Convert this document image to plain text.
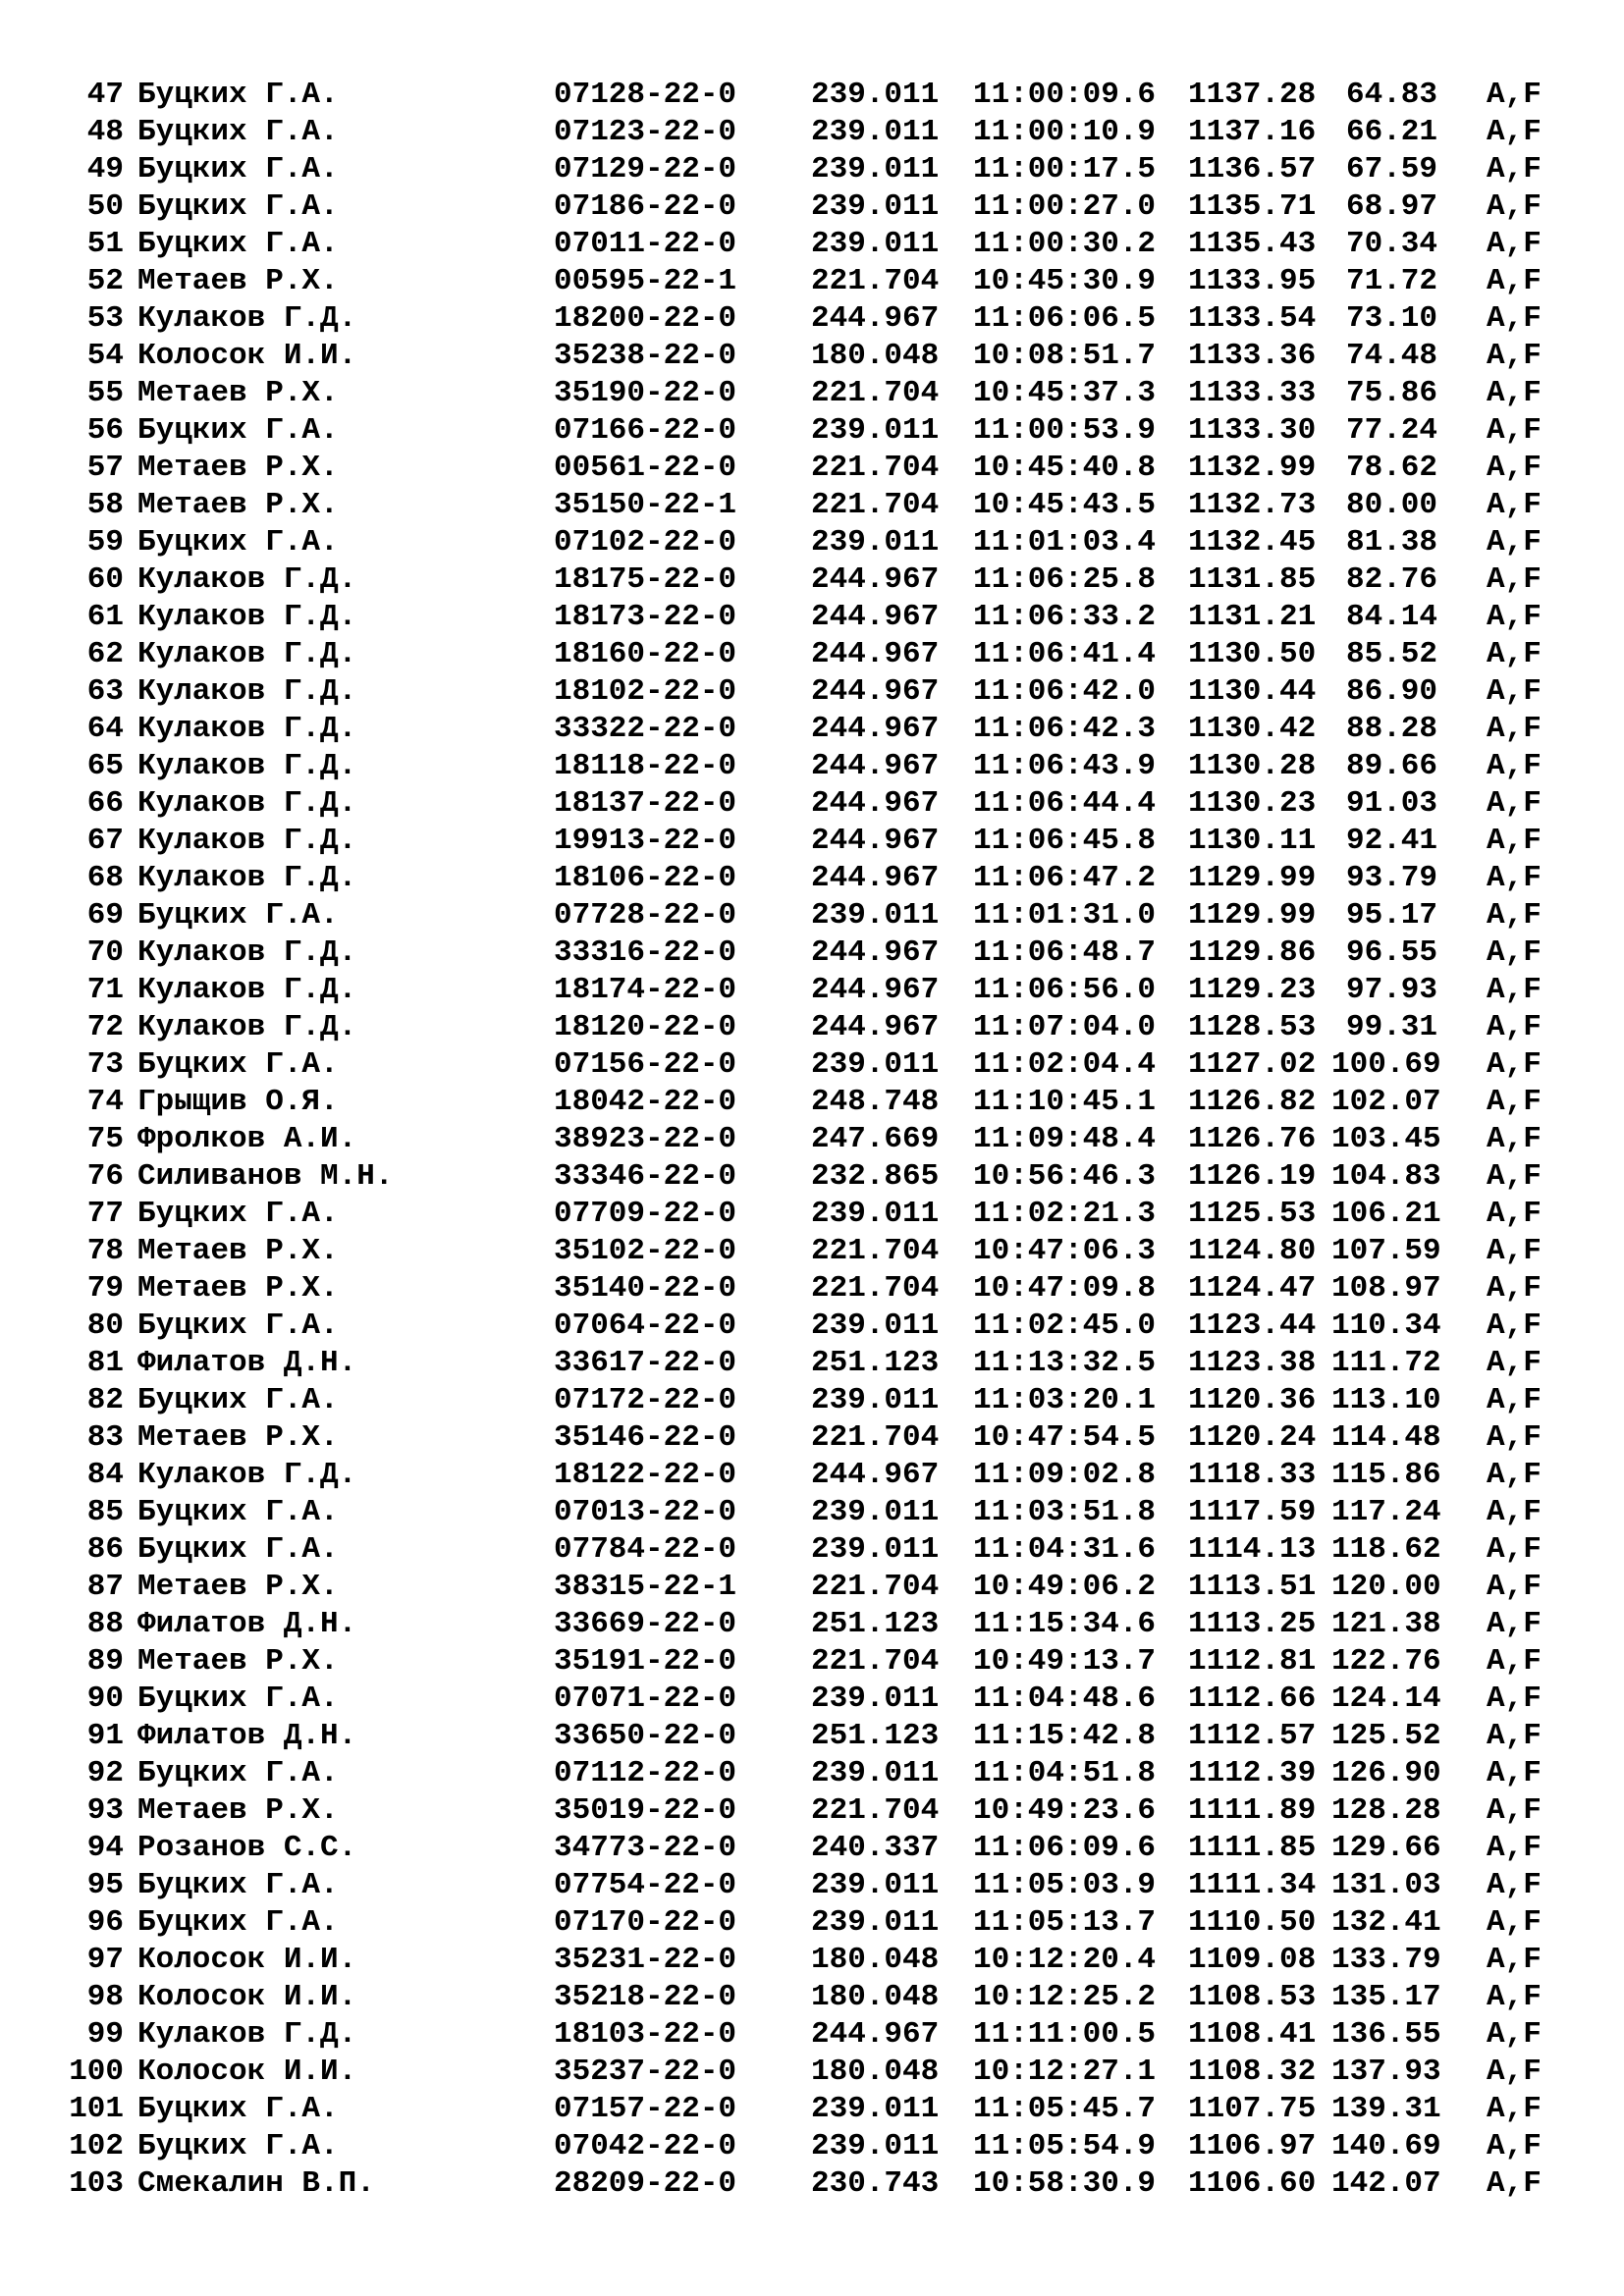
47 Буцких Г.А.	07128-22-0 239.011 11:00:09.6 1137.28 64.83 A,F
48 Буцких Г.А.	07123-22-0 239.011 11:00:10.9 1137.16 66.21 A,F
49 Буцких Г.А.	07129-22-0 239.011 11:00:17.5 1136.57 67.59 A,F
50 Буцких Г.А.	07186-22-0 239.011 11:00:27.0 1135.71 68.97 A,F
51 Буцких Г.А.	07011-22-0 239.011 11:00:30.2 1135.43 70.34 A,F
52 Метаев Р.Х.	00595-22-1 221.704 10:45:30.9 1133.95 71.72 A,F
53 Кулаков Г.Д.	18200-22-0 244.967 11:06:06.5 1133.54 73.10 A,F
54 Колосок И.И.	35238-22-0 180.048 10:08:51.7 1133.36 74.48 A,F
55 Метаев Р.Х.	35190-22-0 221.704 10:45:37.3 1133.33 75.86 A,F
56 Буцких Г.А.	07166-22-0 239.011 11:00:53.9 1133.30 77.24 A,F
57 Метаев Р.Х.	00561-22-0 221.704 10:45:40.8 1132.99 78.62 A,F
58 Метаев Р.Х.	35150-22-1 221.704 10:45:43.5 1132.73 80.00 A,F
59 Буцких Г.А.	07102-22-0 239.011 11:01:03.4 1132.45 81.38 A,F
60 Кулаков Г.Д.	18175-22-0 244.967 11:06:25.8 1131.85 82.76 A,F
61 Кулаков Г.Д.	18173-22-0 244.967 11:06:33.2 1131.21 84.14 A,F
62 Кулаков Г.Д.	18160-22-0 244.967 11:06:41.4 1130.50 85.52 A,F
63 Кулаков Г.Д.	18102-22-0 244.967 11:06:42.0 1130.44 86.90 A,F
64 Кулаков Г.Д.	33322-22-0 244.967 11:06:42.3 1130.42 88.28 A,F
65 Кулаков Г.Д.	18118-22-0 244.967 11:06:43.9 1130.28 89.66 A,F
66 Кулаков Г.Д.	18137-22-0 244.967 11:06:44.4 1130.23 91.03 A,F
67 Кулаков Г.Д.	19913-22-0 244.967 11:06:45.8 1130.11 92.41 A,F
68 Кулаков Г.Д.	18106-22-0 244.967 11:06:47.2 1129.99 93.79 A,F
69 Буцких Г.А.	07728-22-0 239.011 11:01:31.0 1129.99 95.17 A,F
70 Кулаков Г.Д.	33316-22-0 244.967 11:06:48.7 1129.86 96.55 A,F
71 Кулаков Г.Д.	18174-22-0 244.967 11:06:56.0 1129.23 97.93 A,F
72 Кулаков Г.Д.	18120-22-0 244.967 11:07:04.0 1128.53 99.31 A,F
73 Буцких Г.А.	07156-22-0 239.011 11:02:04.4 1127.02 100.69 A,F
74 Грыщив О.Я.	18042-22-0 248.748 11:10:45.1 1126.82 102.07 A,F
75 Фролков А.И.	38923-22-0 247.669 11:09:48.4 1126.76 103.45 A,F
76 Силиванов М.Н.	33346-22-0 232.865 10:56:46.3 1126.19 104.83 A,F
77 Буцких Г.А.	07709-22-0 239.011 11:02:21.3 1125.53 106.21 A,F
78 Метаев Р.Х.	35102-22-0 221.704 10:47:06.3 1124.80 107.59 A,F
79 Метаев Р.Х.	35140-22-0 221.704 10:47:09.8 1124.47 108.97 A,F
80 Буцких Г.А.	07064-22-0 239.011 11:02:45.0 1123.44 110.34 A,F
81 Филатов Д.Н.	33617-22-0 251.123 11:13:32.5 1123.38 111.72 A,F
82 Буцких Г.А.	07172-22-0 239.011 11:03:20.1 1120.36 113.10 A,F
83 Метаев Р.Х.	35146-22-0 221.704 10:47:54.5 1120.24 114.48 A,F
84 Кулаков Г.Д.	18122-22-0 244.967 11:09:02.8 1118.33 115.86 A,F
85 Буцких Г.А.	07013-22-0 239.011 11:03:51.8 1117.59 117.24 A,F
86 Буцких Г.А.	07784-22-0 239.011 11:04:31.6 1114.13 118.62 A,F
87 Метаев Р.Х.	38315-22-1 221.704 10:49:06.2 1113.51 120.00 A,F
88 Филатов Д.Н.	33669-22-0 251.123 11:15:34.6 1113.25 121.38 A,F
89 Метаев Р.Х.	35191-22-0 221.704 10:49:13.7 1112.81 122.76 A,F
90 Буцких Г.А.	07071-22-0 239.011 11:04:48.6 1112.66 124.14 A,F
91 Филатов Д.Н.	33650-22-0 251.123 11:15:42.8 1112.57 125.52 A,F
92 Буцких Г.А.	07112-22-0 239.011 11:04:51.8 1112.39 126.90 A,F
93 Метаев Р.Х.	35019-22-0 221.704 10:49:23.6 1111.89 128.28 A,F
94 Розанов С.С.	34773-22-0 240.337 11:06:09.6 1111.85 129.66 A,F
95 Буцких Г.А.	07754-22-0 239.011 11:05:03.9 1111.34 131.03 A,F
96 Буцких Г.А.	07170-22-0 239.011 11:05:13.7 1110.50 132.41 A,F
97 Колосок И.И.	35231-22-0 180.048 10:12:20.4 1109.08 133.79 A,F
98 Колосок И.И.	35218-22-0 180.048 10:12:25.2 1108.53 135.17 A,F
99 Кулаков Г.Д.	18103-22-0 244.967 11:11:00.5 1108.41 136.55 A,F
100 Колосок И.И.	35237-22-0 180.048 10:12:27.1 1108.32 137.93 A,F
101 Буцких Г.А.	07157-22-0 239.011 11:05:45.7 1107.75 139.31 A,F
102 Буцких Г.А.	07042-22-0 239.011 11:05:54.9 1106.97 140.69 A,F
103 Смекалин В.П.	28209-22-0 230.743 10:58:30.9 1106.60 142.07 A,F
